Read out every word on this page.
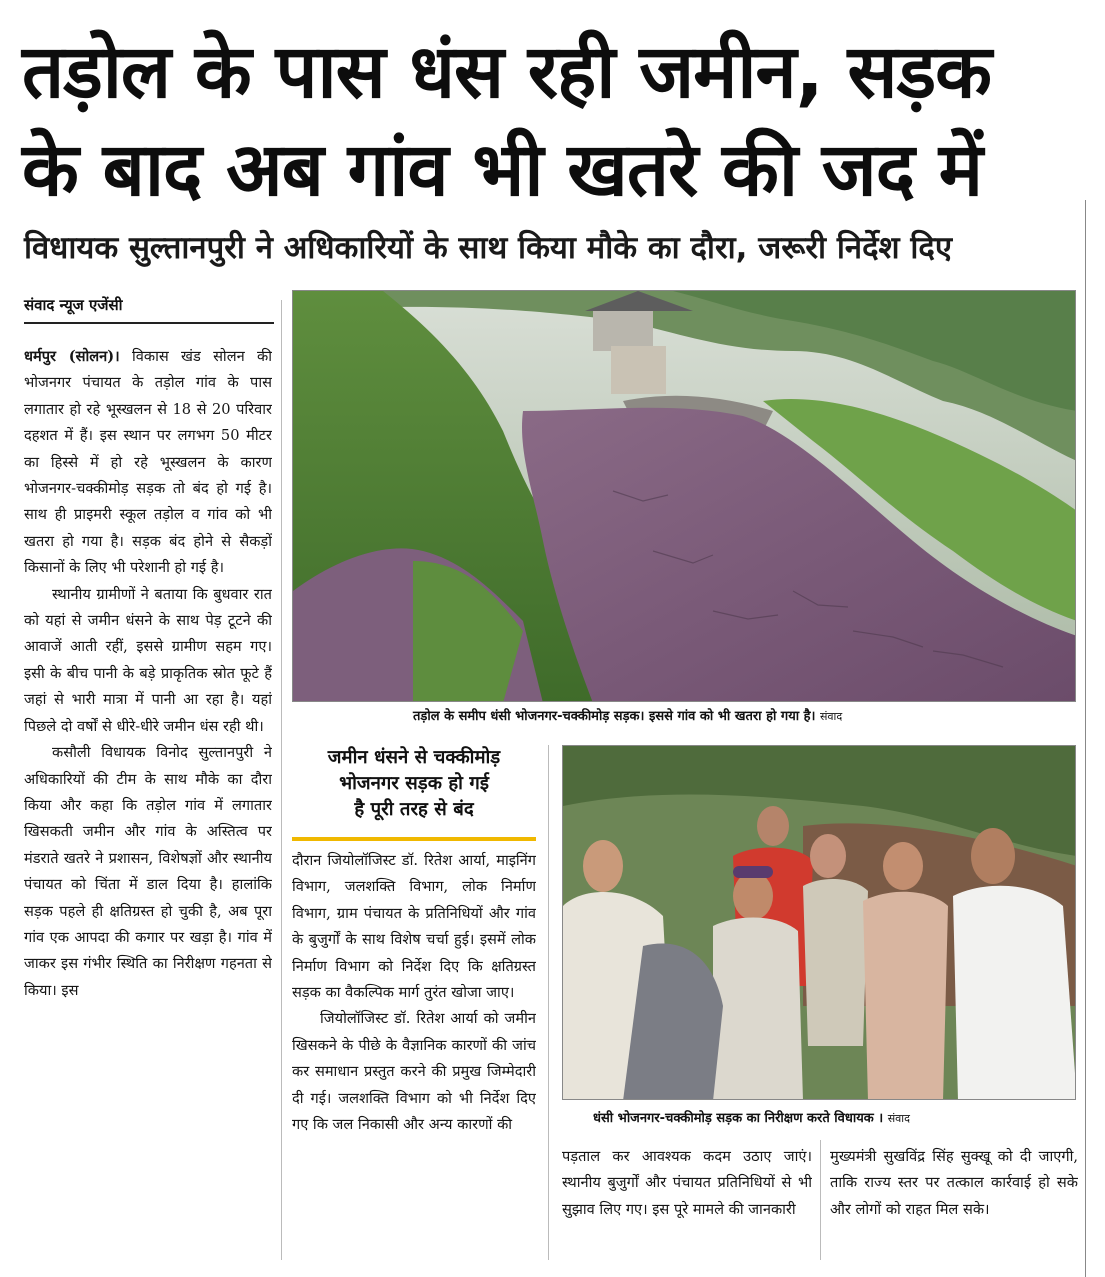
तड़ोल के पास धंस रही जमीन, सड़क
के बाद अब गांव भी खतरे की जद में
विधायक सुल्तानपुरी ने अधिकारियों के साथ किया मौके का दौरा, जरूरी निर्देश दिए
संवाद न्यूज एजेंसी

धर्मपुर (सोलन)। विकास खंड सोलन की भोजनगर पंचायत के तड़ोल गांव के पास लगातार हो रहे भूस्खलन से 18 से 20 परिवार दहशत में हैं। इस स्थान पर लगभग 50 मीटर का हिस्से में हो रहे भूस्खलन के कारण भोजनगर-चक्कीमोड़ सड़क तो बंद हो गई है। साथ ही प्राइमरी स्कूल तड़ोल व गांव को भी खतरा हो गया है। सड़क बंद होने से सैकड़ों किसानों के लिए भी परेशानी हो गई है।

स्थानीय ग्रामीणों ने बताया कि बुधवार रात को यहां से जमीन धंसने के साथ पेड़ टूटने की आवाजें आती रहीं, इससे ग्रामीण सहम गए। इसी के बीच पानी के बड़े प्राकृतिक स्रोत फूटे हैं जहां से भारी मात्रा में पानी आ रहा है। यहां पिछले दो वर्षों से धीरे-धीरे जमीन धंस रही थी।

कसौली विधायक विनोद सुल्तानपुरी ने अधिकारियों की टीम के साथ मौके का दौरा किया और कहा कि तड़ोल गांव में लगातार खिसकती जमीन और गांव के अस्तित्व पर मंडराते खतरे ने प्रशासन, विशेषज्ञों और स्थानीय पंचायत को चिंता में डाल दिया है। हालांकि सड़क पहले ही क्षतिग्रस्त हो चुकी है, अब पूरा गांव एक आपदा की कगार पर खड़ा है। गांव में जाकर इस गंभीर स्थिति का निरीक्षण गहनता से किया। इस

तड़ोल के समीप धंसी भोजनगर-चक्कीमोड़ सड़क। इससे गांव को भी खतरा हो गया है। संवाद
जमीन धंसने से चक्कीमोड़
भोजनगर सड़क हो गई
है पूरी तरह से बंद

दौरान जियोलॉजिस्ट डॉ. रितेश आर्या, माइनिंग विभाग, जलशक्ति विभाग, लोक निर्माण विभाग, ग्राम पंचायत के प्रतिनिधियों और गांव के बुजुर्गों के साथ विशेष चर्चा हुई। इसमें लोक निर्माण विभाग को निर्देश दिए कि क्षतिग्रस्त सड़क का वैकल्पिक मार्ग तुरंत खोजा जाए।

जियोलॉजिस्ट डॉ. रितेश आर्या को जमीन खिसकने के पीछे के वैज्ञानिक कारणों की जांच कर समाधान प्रस्तुत करने की प्रमुख जिम्मेदारी दी गई। जलशक्ति विभाग को भी निर्देश दिए गए कि जल निकासी और अन्य कारणों की	धंसी भोजनगर-चक्कीमोड़ सड़क का निरीक्षण करते विधायक । संवाद

पड़ताल कर आवश्यक कदम उठाए जाएं। स्थानीय बुजुर्गों और पंचायत प्रतिनिधियों से भी सुझाव लिए गए। इस पूरे मामले की जानकारी

मुख्यमंत्री सुखविंद्र सिंह सुक्खू को दी जाएगी, ताकि राज्य स्तर पर तत्काल कार्रवाई हो सके और लोगों को राहत मिल सके।
